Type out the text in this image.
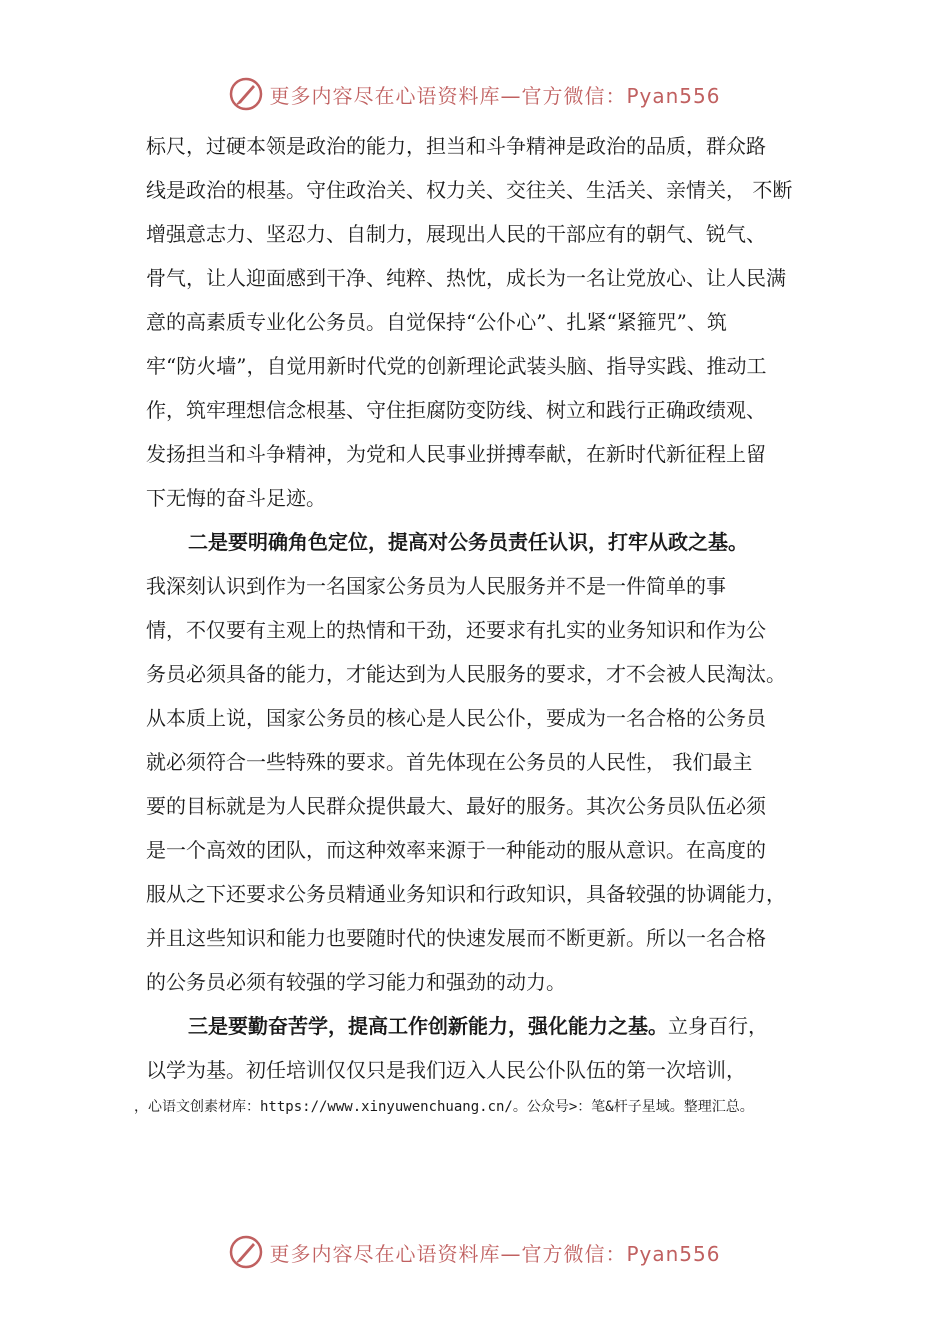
更多内容尽在心语资料库—官方微信：Pyan556
标尺，过硬本领是政治的能力，担当和斗争精神是政治的品质，群众路
线是政治的根基。守住政治关、权力关、交往关、生活关、亲情关， 不断
增强意志力、坚忍力、自制力，展现出人民的干部应有的朝气、锐气、
骨气，让人迎面感到干净、纯粹、热忱，成长为一名让党放心、让人民满
意的高素质专业化公务员。自觉保持“公仆心”、扎紧“紧箍咒”、筑
牢“防火墙”，自觉用新时代党的创新理论武装头脑、指导实践、推动工
作，筑牢理想信念根基、守住拒腐防变防线、树立和践行正确政绩观、
发扬担当和斗争精神，为党和人民事业拼搏奉献，在新时代新征程上留
下无悔的奋斗足迹。
二是要明确角色定位，提高对公务员责任认识，打牢从政之基。
我深刻认识到作为一名国家公务员为人民服务并不是一件简单的事
情，不仅要有主观上的热情和干劲，还要求有扎实的业务知识和作为公
务员必须具备的能力，才能达到为人民服务的要求，才不会被人民淘汰。
从本质上说，国家公务员的核心是人民公仆，要成为一名合格的公务员
就必须符合一些特殊的要求。首先体现在公务员的人民性， 我们最主
要的目标就是为人民群众提供最大、最好的服务。其次公务员队伍必须
是一个高效的团队，而这种效率来源于一种能动的服从意识。在高度的
服从之下还要求公务员精通业务知识和行政知识，具备较强的协调能力，
并且这些知识和能力也要随时代的快速发展而不断更新。所以一名合格
的公务员必须有较强的学习能力和强劲的动力。
三是要勤奋苦学，提高工作创新能力，强化能力之基。立身百行，
以学为基。初任培训仅仅只是我们迈入人民公仆队伍的第一次培训，
，心语文创素材库：https://www.xinyuwenchuang.cn/。公众号>：笔&杆子星域。整理汇总。
更多内容尽在心语资料库—官方微信：Pyan556
